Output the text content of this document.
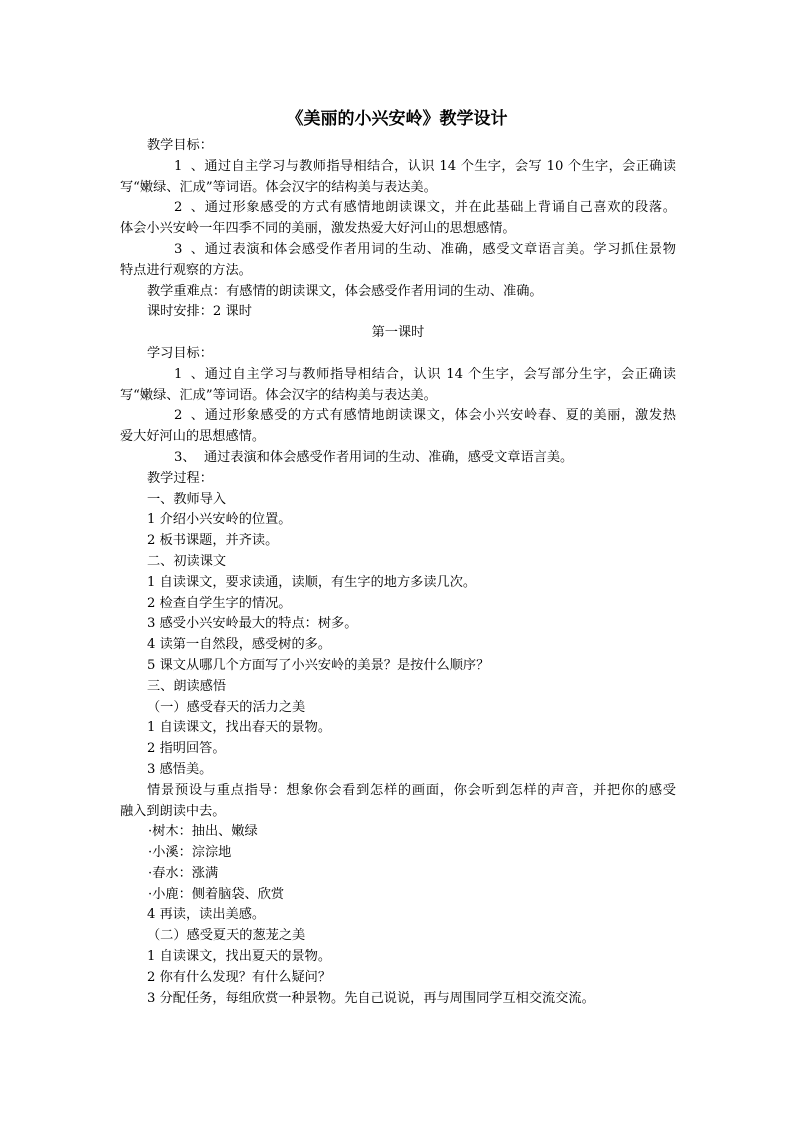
《美丽的小兴安岭》教学设计
教学目标：
1、通过自主学习与教师指导相结合，认识 14 个生字，会写 10 个生字，会正确读
写“嫩绿、汇成”等词语。体会汉字的结构美与表达美。
2、通过形象感受的方式有感情地朗读课文，并在此基础上背诵自己喜欢的段落。
体会小兴安岭一年四季不同的美丽，激发热爱大好河山的思想感情。
3、通过表演和体会感受作者用词的生动、准确，感受文章语言美。学习抓住景物
特点进行观察的方法。
教学重难点：有感情的朗读课文，体会感受作者用词的生动、准确。
课时安排：2 课时
第一课时
学习目标：
1、通过自主学习与教师指导相结合，认识 14 个生字，会写部分生字，会正确读
写“嫩绿、汇成”等词语。体会汉字的结构美与表达美。
2、通过形象感受的方式有感情地朗读课文，体会小兴安岭春、夏的美丽，激发热
爱大好河山的思想感情。
3、 通过表演和体会感受作者用词的生动、准确，感受文章语言美。
教学过程：
一、教师导入
1 介绍小兴安岭的位置。
2 板书课题，并齐读。
二、初读课文
1 自读课文，要求读通，读顺，有生字的地方多读几次。
2 检查自学生字的情况。
3 感受小兴安岭最大的特点：树多。
4 读第一自然段，感受树的多。
5 课文从哪几个方面写了小兴安岭的美景？是按什么顺序？
三、朗读感悟
（一）感受春天的活力之美
1 自读课文，找出春天的景物。
2 指明回答。
3 感悟美。
情景预设与重点指导：想象你会看到怎样的画面，你会听到怎样的声音，并把你的感受
融入到朗读中去。
·树木：抽出、嫩绿
·小溪：淙淙地
·春水：涨满
·小鹿：侧着脑袋、欣赏
4 再读，读出美感。
（二）感受夏天的葱茏之美
1 自读课文，找出夏天的景物。
2 你有什么发现？有什么疑问？
3 分配任务，每组欣赏一种景物。先自己说说，再与周围同学互相交流交流。
